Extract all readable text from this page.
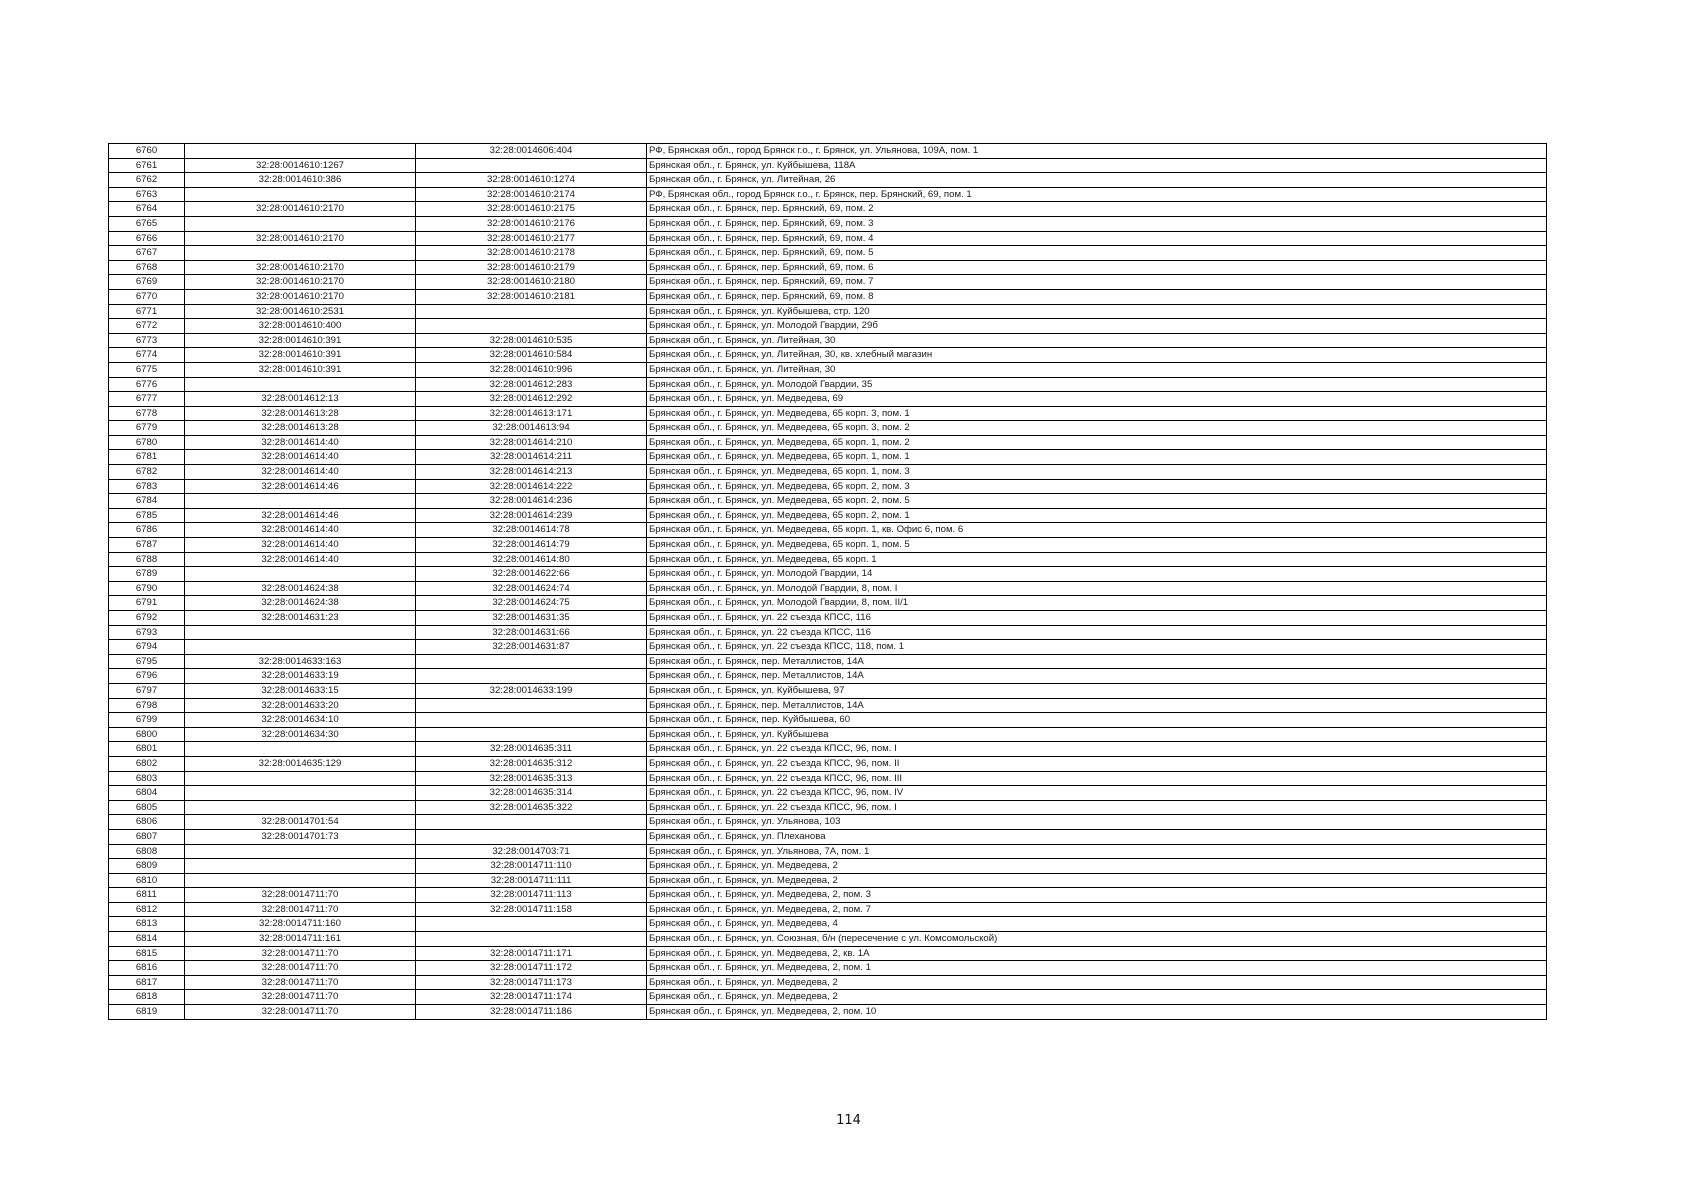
6760		32:28:0014606:404	РФ, Брянская обл., город Брянск г.о., г. Брянск, ул. Ульянова, 109А, пом. 1
6761	32:28:0014610:1267		Брянская обл., г. Брянск, ул. Куйбышева, 118А
6762	32:28:0014610:386	32:28:0014610:1274	Брянская обл., г. Брянск, ул. Литейная, 26
6763		32:28:0014610:2174	РФ, Брянская обл., город Брянск г.о., г. Брянск, пер. Брянский, 69, пом. 1
6764	32:28:0014610:2170	32:28:0014610:2175	Брянская обл., г. Брянск, пер. Брянский, 69, пом. 2
6765		32:28:0014610:2176	Брянская обл., г. Брянск, пер. Брянский, 69, пом. 3
6766	32:28:0014610:2170	32:28:0014610:2177	Брянская обл., г. Брянск, пер. Брянский, 69, пом. 4
6767		32:28:0014610:2178	Брянская обл., г. Брянск, пер. Брянский, 69, пом. 5
6768	32:28:0014610:2170	32:28:0014610:2179	Брянская обл., г. Брянск, пер. Брянский, 69, пом. 6
6769	32:28:0014610:2170	32:28:0014610:2180	Брянская обл., г. Брянск, пер. Брянский, 69, пом. 7
6770	32:28:0014610:2170	32:28:0014610:2181	Брянская обл., г. Брянск, пер. Брянский, 69, пом. 8
6771	32:28:0014610:2531		Брянская обл., г. Брянск, ул. Куйбышева, стр. 120
6772	32:28:0014610:400		Брянская обл., г. Брянск, ул. Молодой Гвардии, 29б
6773	32:28:0014610:391	32:28:0014610:535	Брянская обл., г. Брянск, ул. Литейная, 30
6774	32:28:0014610:391	32:28:0014610:584	Брянская обл., г. Брянск, ул. Литейная, 30, кв. хлебный магазин
6775	32:28:0014610:391	32:28:0014610:996	Брянская обл., г. Брянск, ул. Литейная, 30
6776		32:28:0014612:283	Брянская обл., г. Брянск, ул. Молодой Гвардии, 35
6777	32:28:0014612:13	32:28:0014612:292	Брянская обл., г. Брянск, ул. Медведева, 69
6778	32:28:0014613:28	32:28:0014613:171	Брянская обл., г. Брянск, ул. Медведева, 65 корп. 3, пом. 1
6779	32:28:0014613:28	32:28:0014613:94	Брянская обл., г. Брянск, ул. Медведева, 65 корп. 3, пом. 2
6780	32:28:0014614:40	32:28:0014614:210	Брянская обл., г. Брянск, ул. Медведева, 65 корп. 1, пом. 2
6781	32:28:0014614:40	32:28:0014614:211	Брянская обл., г. Брянск, ул. Медведева, 65 корп. 1, пом. 1
6782	32:28:0014614:40	32:28:0014614:213	Брянская обл., г. Брянск, ул. Медведева, 65 корп. 1, пом. 3
6783	32:28:0014614:46	32:28:0014614:222	Брянская обл., г. Брянск, ул. Медведева, 65 корп. 2, пом. 3
6784		32:28:0014614:236	Брянская обл., г. Брянск, ул. Медведева, 65 корп. 2, пом. 5
6785	32:28:0014614:46	32:28:0014614:239	Брянская обл., г. Брянск, ул. Медведева, 65 корп. 2, пом. 1
6786	32:28:0014614:40	32:28:0014614:78	Брянская обл., г. Брянск, ул. Медведева, 65 корп. 1, кв. Офис 6, пом. 6
6787	32:28:0014614:40	32:28:0014614:79	Брянская обл., г. Брянск, ул. Медведева, 65 корп. 1, пом. 5
6788	32:28:0014614:40	32:28:0014614:80	Брянская обл., г. Брянск, ул. Медведева, 65 корп. 1
6789		32:28:0014622:66	Брянская обл., г. Брянск, ул. Молодой Гвардии, 14
6790	32:28:0014624:38	32:28:0014624:74	Брянская обл., г. Брянск, ул. Молодой Гвардии, 8, пом. I
6791	32:28:0014624:38	32:28:0014624:75	Брянская обл., г. Брянск, ул. Молодой Гвардии, 8, пом. II/1
6792	32:28:0014631:23	32:28:0014631:35	Брянская обл., г. Брянск, ул. 22 съезда КПСС, 116
6793		32:28:0014631:66	Брянская обл., г. Брянск, ул. 22 съезда КПСС, 116
6794		32:28:0014631:87	Брянская обл., г. Брянск, ул. 22 съезда КПСС, 118, пом. 1
6795	32:28:0014633:163		Брянская обл., г. Брянск, пер. Металлистов, 14А
6796	32:28:0014633:19		Брянская обл., г. Брянск, пер. Металлистов, 14А
6797	32:28:0014633:15	32:28:0014633:199	Брянская обл., г. Брянск, ул. Куйбышева, 97
6798	32:28:0014633:20		Брянская обл., г. Брянск, пер. Металлистов, 14А
6799	32:28:0014634:10		Брянская обл., г. Брянск, пер. Куйбышева, 60
6800	32:28:0014634:30		Брянская обл., г. Брянск, ул. Куйбышева
6801		32:28:0014635:311	Брянская обл., г. Брянск, ул. 22 съезда КПСС, 96, пом. I
6802	32:28:0014635:129	32:28:0014635:312	Брянская обл., г. Брянск, ул. 22 съезда КПСС, 96, пом. II
6803		32:28:0014635:313	Брянская обл., г. Брянск, ул. 22 съезда КПСС, 96, пом. III
6804		32:28:0014635:314	Брянская обл., г. Брянск, ул. 22 съезда КПСС, 96, пом. IV
6805		32:28:0014635:322	Брянская обл., г. Брянск, ул. 22 съезда КПСС, 96, пом. I
6806	32:28:0014701:54		Брянская обл., г. Брянск, ул. Ульянова, 103
6807	32:28:0014701:73		Брянская обл., г. Брянск, ул. Плеханова
6808		32:28:0014703:71	Брянская обл., г. Брянск, ул. Ульянова, 7А, пом. 1
6809		32:28:0014711:110	Брянская обл., г. Брянск, ул. Медведева, 2
6810		32:28:0014711:111	Брянская обл., г. Брянск, ул. Медведева, 2
6811	32:28:0014711:70	32:28:0014711:113	Брянская обл., г. Брянск, ул. Медведева, 2, пом. 3
6812	32:28:0014711:70	32:28:0014711:158	Брянская обл., г. Брянск, ул. Медведева, 2, пом. 7
6813	32:28:0014711:160		Брянская обл., г. Брянск, ул. Медведева, 4
6814	32:28:0014711:161		Брянская обл., г. Брянск, ул. Союзная, б/н (пересечение с ул. Комсомольской)
6815	32:28:0014711:70	32:28:0014711:171	Брянская обл., г. Брянск, ул. Медведева, 2, кв. 1А
6816	32:28:0014711:70	32:28:0014711:172	Брянская обл., г. Брянск, ул. Медведева, 2, пом. 1
6817	32:28:0014711:70	32:28:0014711:173	Брянская обл., г. Брянск, ул. Медведева, 2
6818	32:28:0014711:70	32:28:0014711:174	Брянская обл., г. Брянск, ул. Медведева, 2
6819	32:28:0014711:70	32:28:0014711:186	Брянская обл., г. Брянск, ул. Медведева, 2, пом. 10
114
